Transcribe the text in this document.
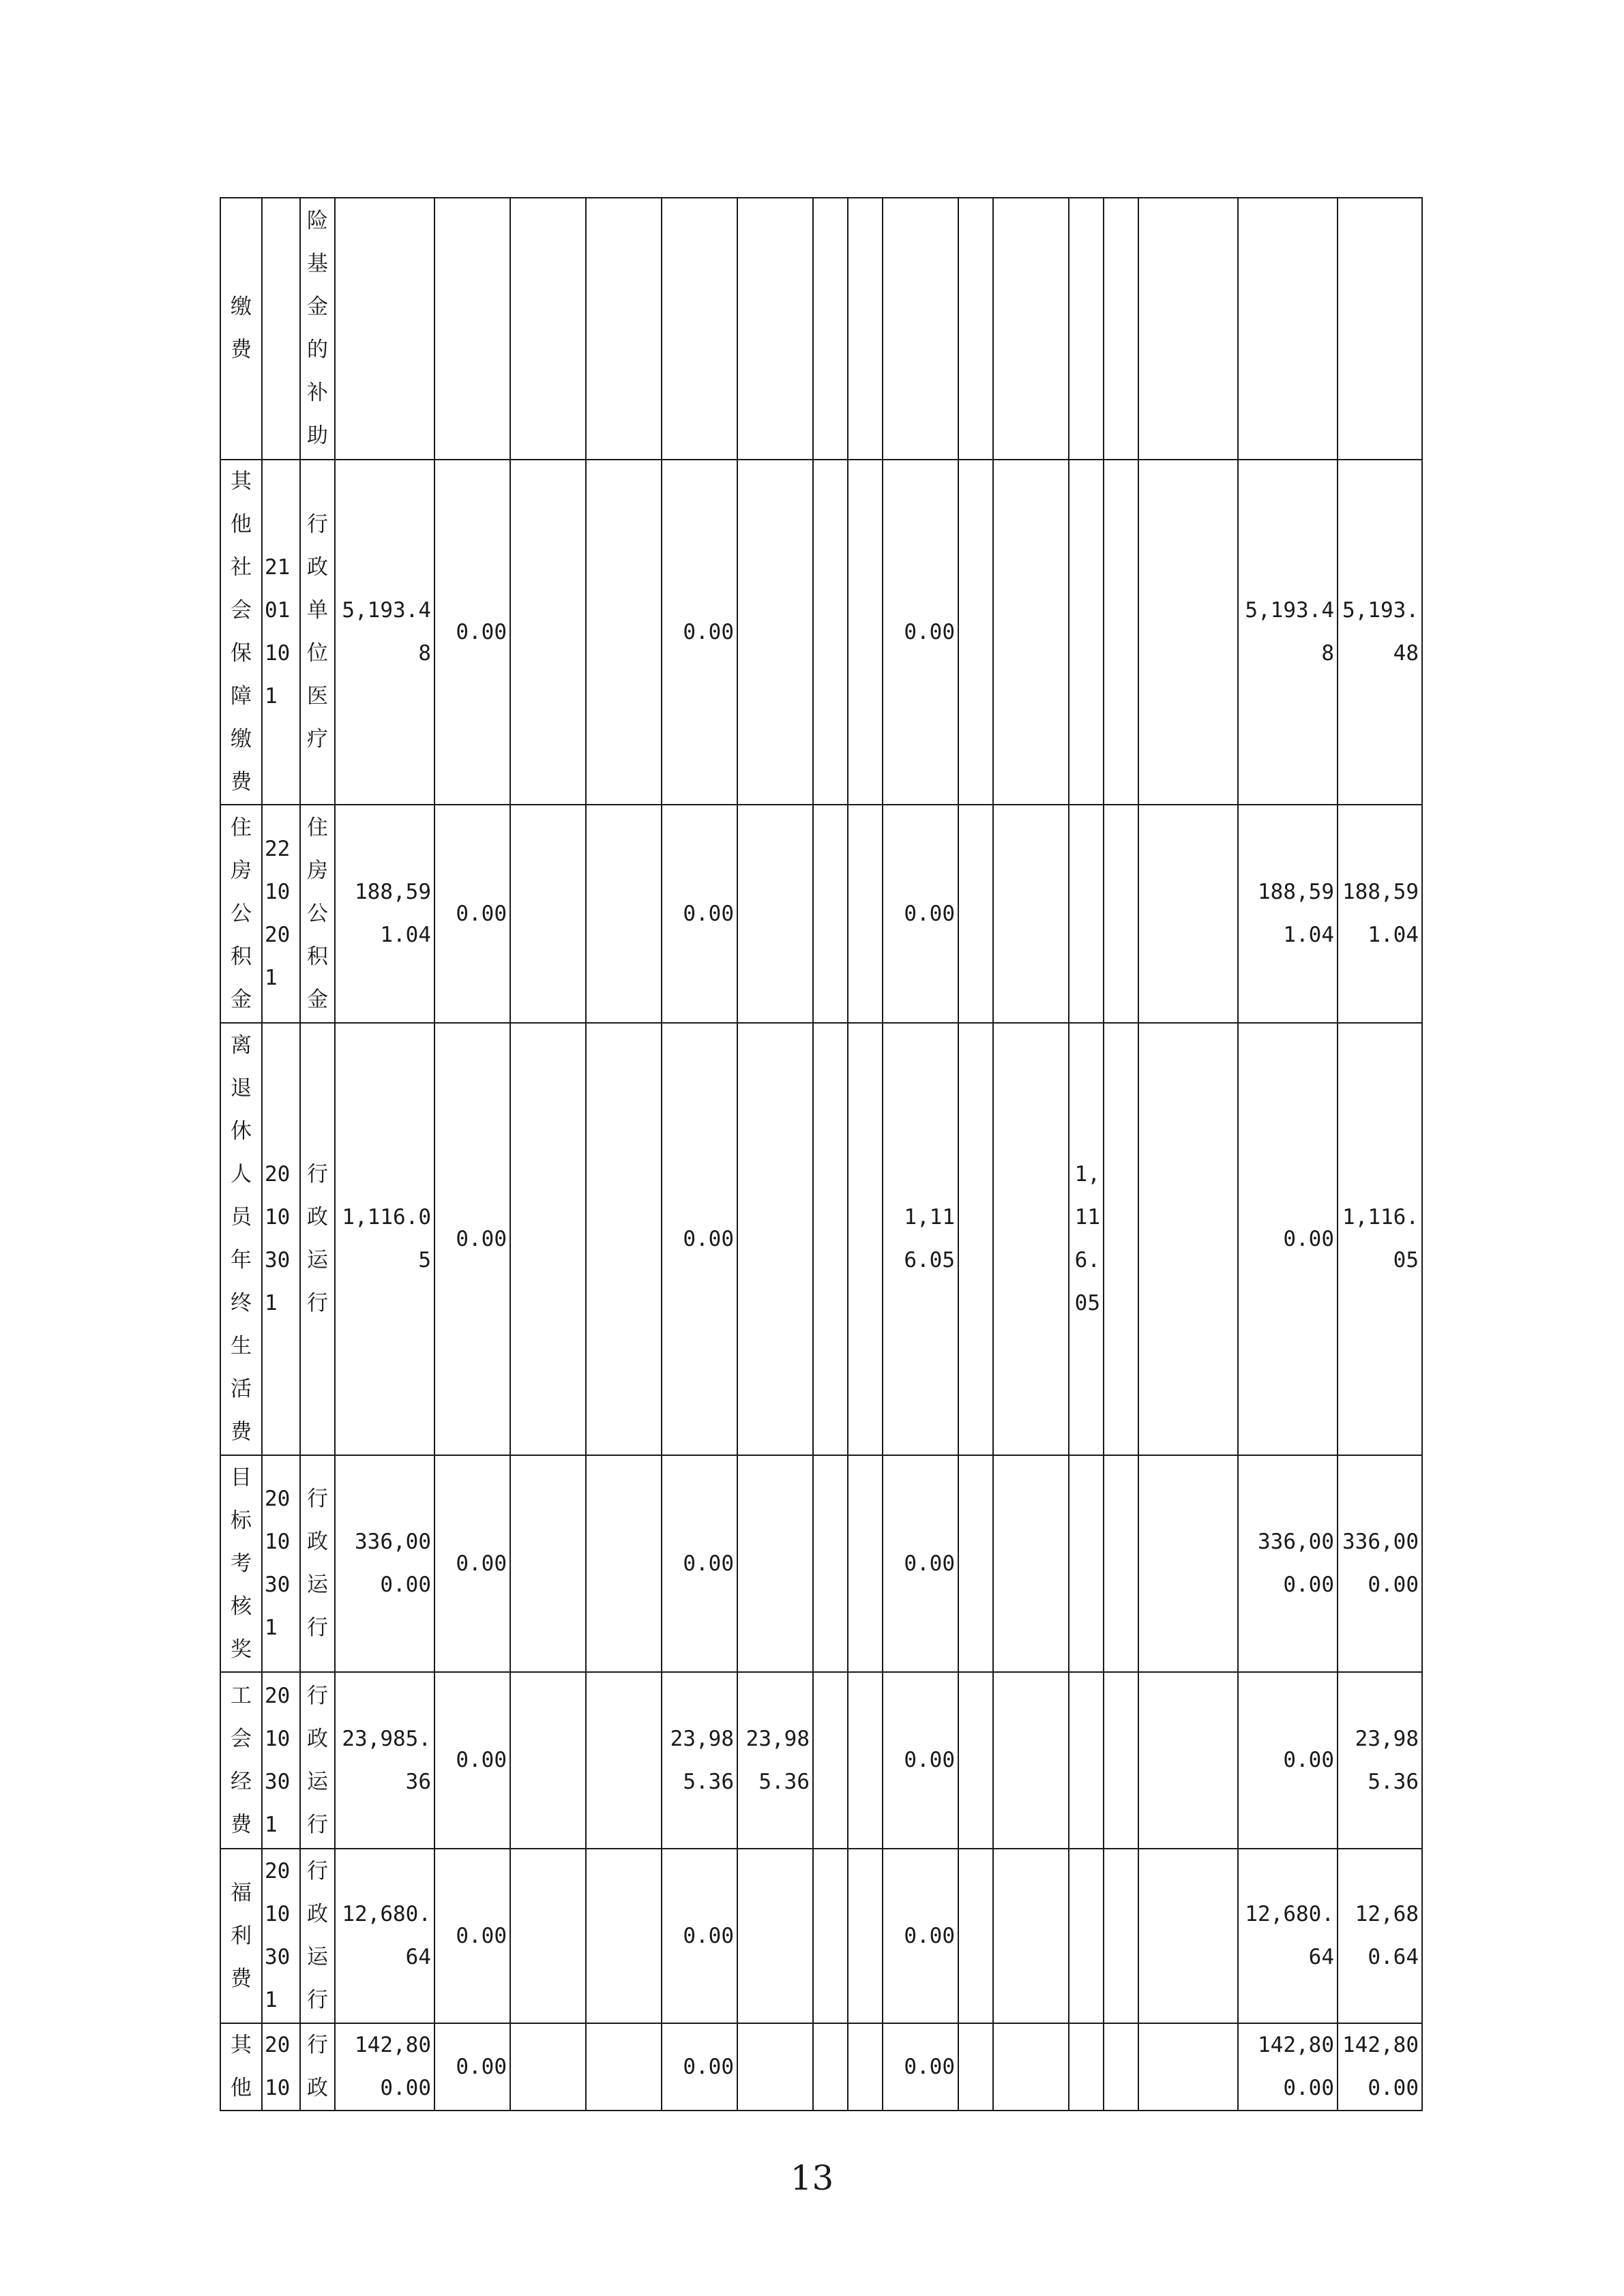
缴费		险基金的补助																
其他社会保障缴费	2101101	行政单位医疗	5,193.48	0.00			0.00				0.00						5,193.48	5,193.48
住房公积金	2210201	住房公积金	188,591.04	0.00			0.00				0.00						188,591.04	188,591.04
离退休人员年终生活费	2010301	行政运行	1,116.05	0.00			0.00				1,116.05			1,116.05			0.00	1,116.05
目标考核奖	2010301	行政运行	336,000.00	0.00			0.00				0.00						336,000.00	336,000.00
工会经费	2010301	行政运行	23,985.36	0.00			23,985.36	23,985.36			0.00						0.00	23,985.36
福利费	2010301	行政运行	12,680.64	0.00			0.00				0.00						12,680.64	12,680.64
其他	2010	行政	142,800.00	0.00			0.00				0.00						142,800.00	142,800.00
13
